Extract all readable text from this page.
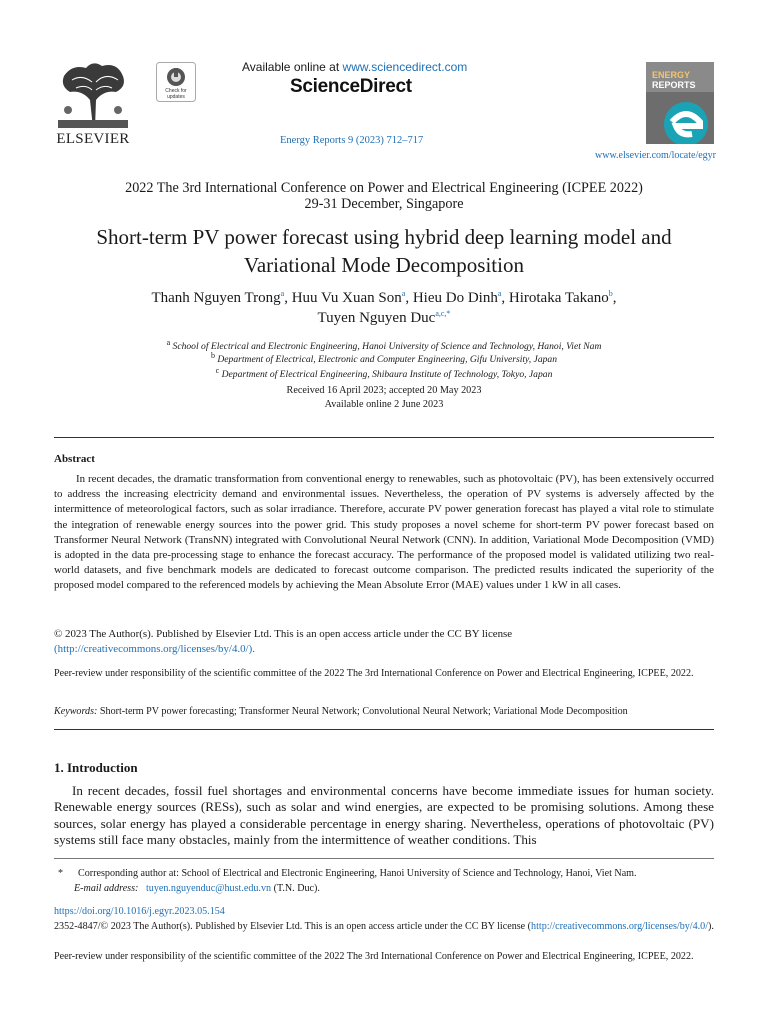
ELSEVIER
Check for
updates
Available online at www.sciencedirect.com
ScienceDirect
Energy Reports 9 (2023) 712–717
ENERGY
REPORTS
www.elsevier.com/locate/egyr
2022 The 3rd International Conference on Power and Electrical Engineering (ICPEE 2022)
29-31 December, Singapore
Short-term PV power forecast using hybrid deep learning model and
Variational Mode Decomposition
Thanh Nguyen Trong$^a$, Huu Vu Xuan Son$^a$, Hieu Do Dinh$^a$, Hirotaka Takano$^b$,
Tuyen Nguyen Duc$^{a,c,*}$
$^a$ School of Electrical and Electronic Engineering, Hanoi University of Science and Technology, Hanoi, Viet Nam
$^b$ Department of Electrical, Electronic and Computer Engineering, Gifu University, Japan
$^c$ Department of Electrical Engineering, Shibaura Institute of Technology, Tokyo, Japan
Received 16 April 2023; accepted 20 May 2023
Available online 2 June 2023
Abstract
In recent decades, the dramatic transformation from conventional energy to renewables, such as photovoltaic (PV), has been extensively occurred to address the increasing electricity demand and environmental issues. Nevertheless, the operation of PV systems is adversely affected by the intermittence of meteorological factors, such as solar irradiance. Therefore, accurate PV power generation forecast has played a vital role to stimulate the integration of renewable energy sources into the power grid. This study proposes a novel scheme for short-term PV power forecast based on Transformer Neural Network (TransNN) integrated with Convolutional Neural Network (CNN). In addition, Variational Mode Decomposition (VMD) is adopted in the data pre-processing stage to enhance the forecast accuracy. The performance of the proposed model is validated utilizing two real-world datasets, and five benchmark models are dedicated to forecast outcome comparison. The predicted results indicated the superiority of the proposed model compared to the referenced models by achieving the Mean Absolute Error (MAE) values under 1 kW in all cases.
© 2023 The Author(s). Published by Elsevier Ltd. This is an open access article under the CC BY license (http://creativecommons.org/licenses/by/4.0/).
Peer-review under responsibility of the scientific committee of the 2022 The 3rd International Conference on Power and Electrical Engineering, ICPEE, 2022.
Keywords: Short-term PV power forecasting; Transformer Neural Network; Convolutional Neural Network; Variational Mode Decomposition
1. Introduction
In recent decades, fossil fuel shortages and environmental concerns have become immediate issues for human society. Renewable energy sources (RESs), such as solar and wind energies, are expected to be promising solutions. Among these sources, solar energy has played a considerable percentage in energy sharing. Nevertheless, operations of photovoltaic (PV) systems still face many obstacles, mainly from the intermittence of weather conditions. This
* Corresponding author at: School of Electrical and Electronic Engineering, Hanoi University of Science and Technology, Hanoi, Viet Nam.
E-mail address: tuyen.nguyenduc@hust.edu.vn (T.N. Duc).
https://doi.org/10.1016/j.egyr.2023.05.154
2352-4847/© 2023 The Author(s). Published by Elsevier Ltd. This is an open access article under the CC BY license (http://creativecommons.org/licenses/by/4.0/).
Peer-review under responsibility of the scientific committee of the 2022 The 3rd International Conference on Power and Electrical Engineering, ICPEE, 2022.
